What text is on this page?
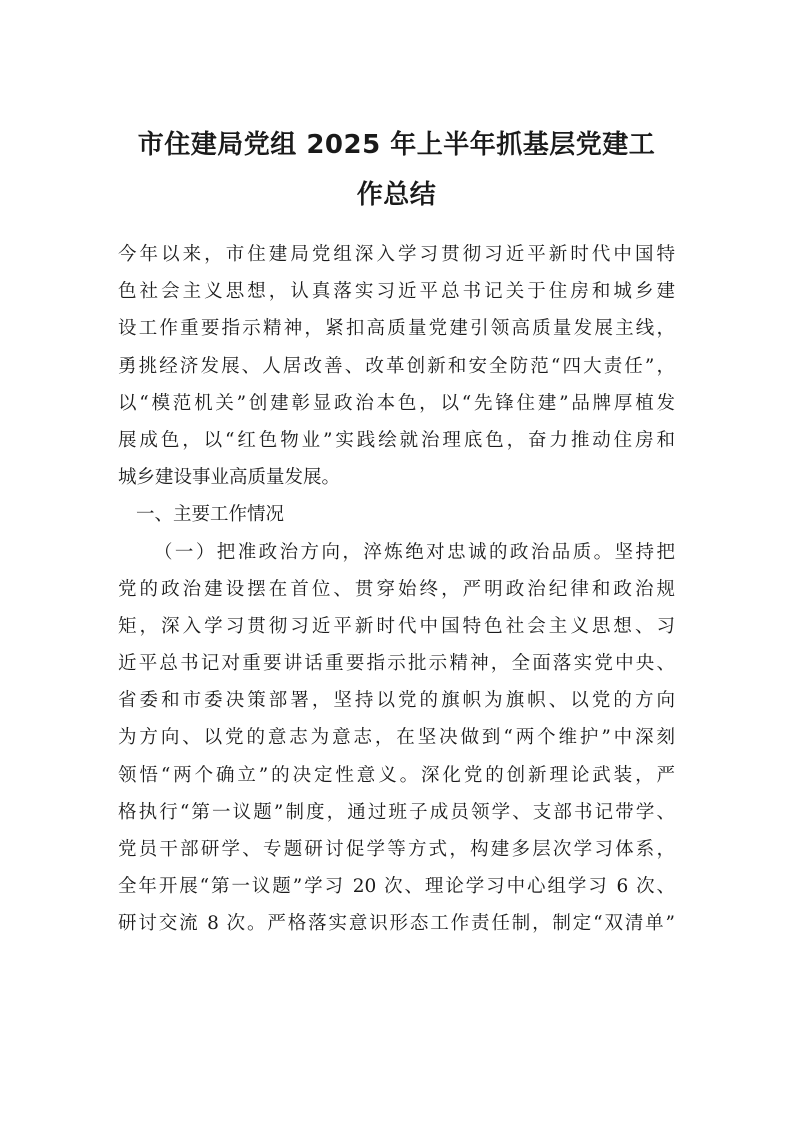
市住建局党组 2025 年上半年抓基层党建工
作总结
今年以来，市住建局党组深入学习贯彻习近平新时代中国特
色社会主义思想，认真落实习近平总书记关于住房和城乡建
设工作重要指示精神，紧扣高质量党建引领高质量发展主线，
勇挑经济发展、人居改善、改革创新和安全防范“四大责任”，
以“模范机关”创建彰显政治本色，以“先锋住建”品牌厚植发
展成色，以“红色物业”实践绘就治理底色，奋力推动住房和
城乡建设事业高质量发展。
一、主要工作情况
（一）把准政治方向，淬炼绝对忠诚的政治品质。坚持把
党的政治建设摆在首位、贯穿始终，严明政治纪律和政治规
矩，深入学习贯彻习近平新时代中国特色社会主义思想、习
近平总书记对重要讲话重要指示批示精神，全面落实党中央、
省委和市委决策部署，坚持以党的旗帜为旗帜、以党的方向
为方向、以党的意志为意志，在坚决做到“两个维护”中深刻
领悟“两个确立”的决定性意义。深化党的创新理论武装，严
格执行“第一议题”制度，通过班子成员领学、支部书记带学、
党员干部研学、专题研讨促学等方式，构建多层次学习体系，
全年开展“第一议题”学习 20 次、理论学习中心组学习 6 次、
研讨交流 8 次。严格落实意识形态工作责任制，制定“双清单”
